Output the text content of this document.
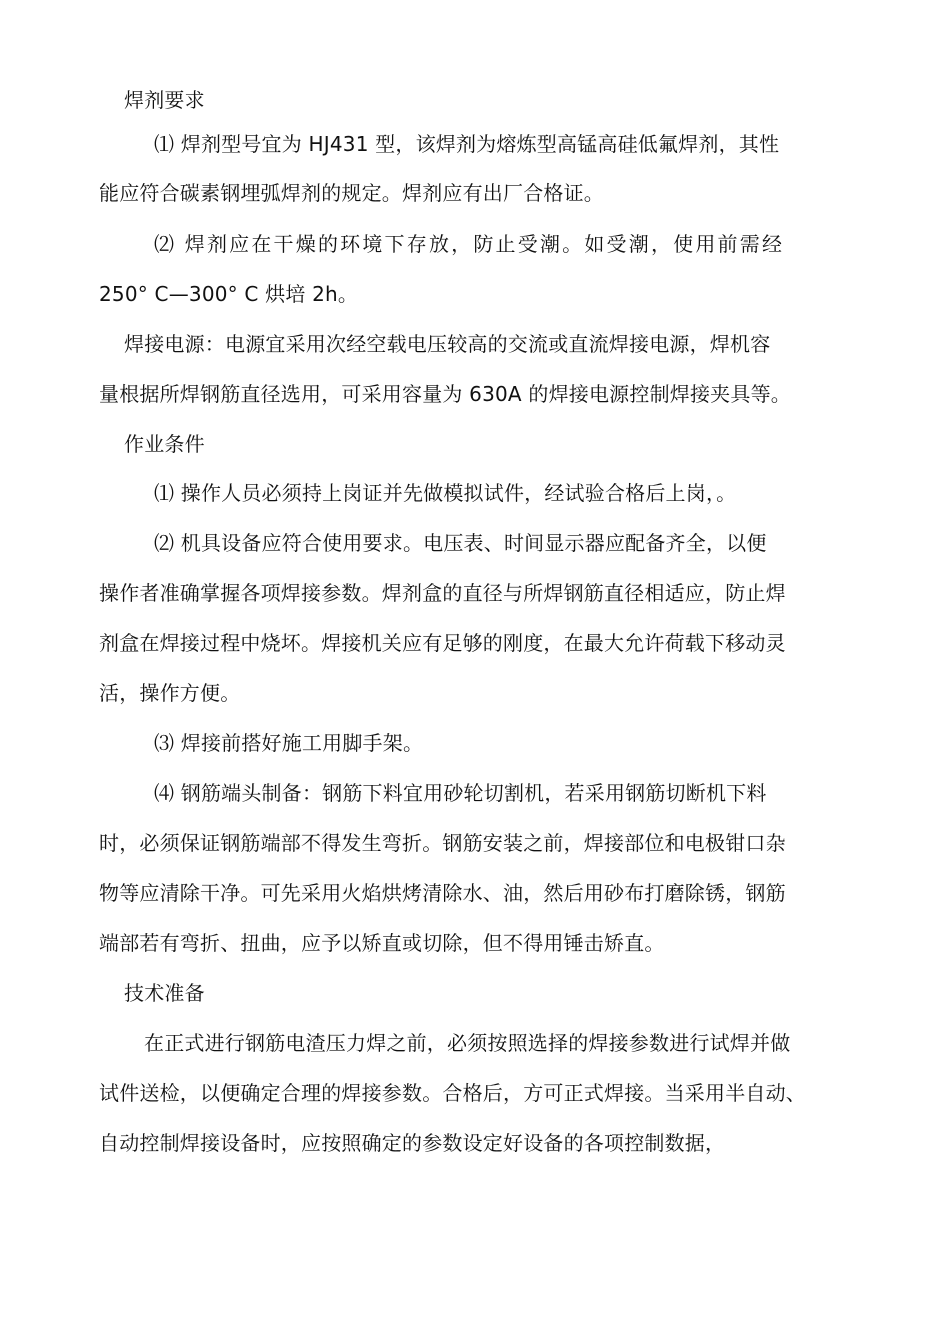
焊剂要求
⑴ 焊剂型号宜为 HJ431 型，该焊剂为熔炼型高锰高硅低氟焊剂，其性
能应符合碳素钢埋弧焊剂的规定。焊剂应有出厂合格证。
⑵ 焊剂应在干燥的环境下存放，防止受潮。如受潮，使用前需经
250° C—300° C 烘培 2h。
焊接电源：电源宜采用次经空载电压较高的交流或直流焊接电源，焊机容
量根据所焊钢筋直径选用，可采用容量为 630A 的焊接电源控制焊接夹具等。
作业条件
⑴ 操作人员必须持上岗证并先做模拟试件，经试验合格后上岗，。
⑵ 机具设备应符合使用要求。电压表、时间显示器应配备齐全，以便
操作者准确掌握各项焊接参数。焊剂盒的直径与所焊钢筋直径相适应，防止焊
剂盒在焊接过程中烧坏。焊接机关应有足够的刚度，在最大允许荷载下移动灵
活，操作方便。
⑶ 焊接前搭好施工用脚手架。
⑷ 钢筋端头制备：钢筋下料宜用砂轮切割机，若采用钢筋切断机下料
时，必须保证钢筋端部不得发生弯折。钢筋安装之前，焊接部位和电极钳口杂
物等应清除干净。可先采用火焰烘烤清除水、油，然后用砂布打磨除锈，钢筋
端部若有弯折、扭曲，应予以矫直或切除，但不得用锤击矫直。
技术准备
在正式进行钢筋电渣压力焊之前，必须按照选择的焊接参数进行试焊并做
试件送检，以便确定合理的焊接参数。合格后，方可正式焊接。当采用半自动、
自动控制焊接设备时，应按照确定的参数设定好设备的各项控制数据，
